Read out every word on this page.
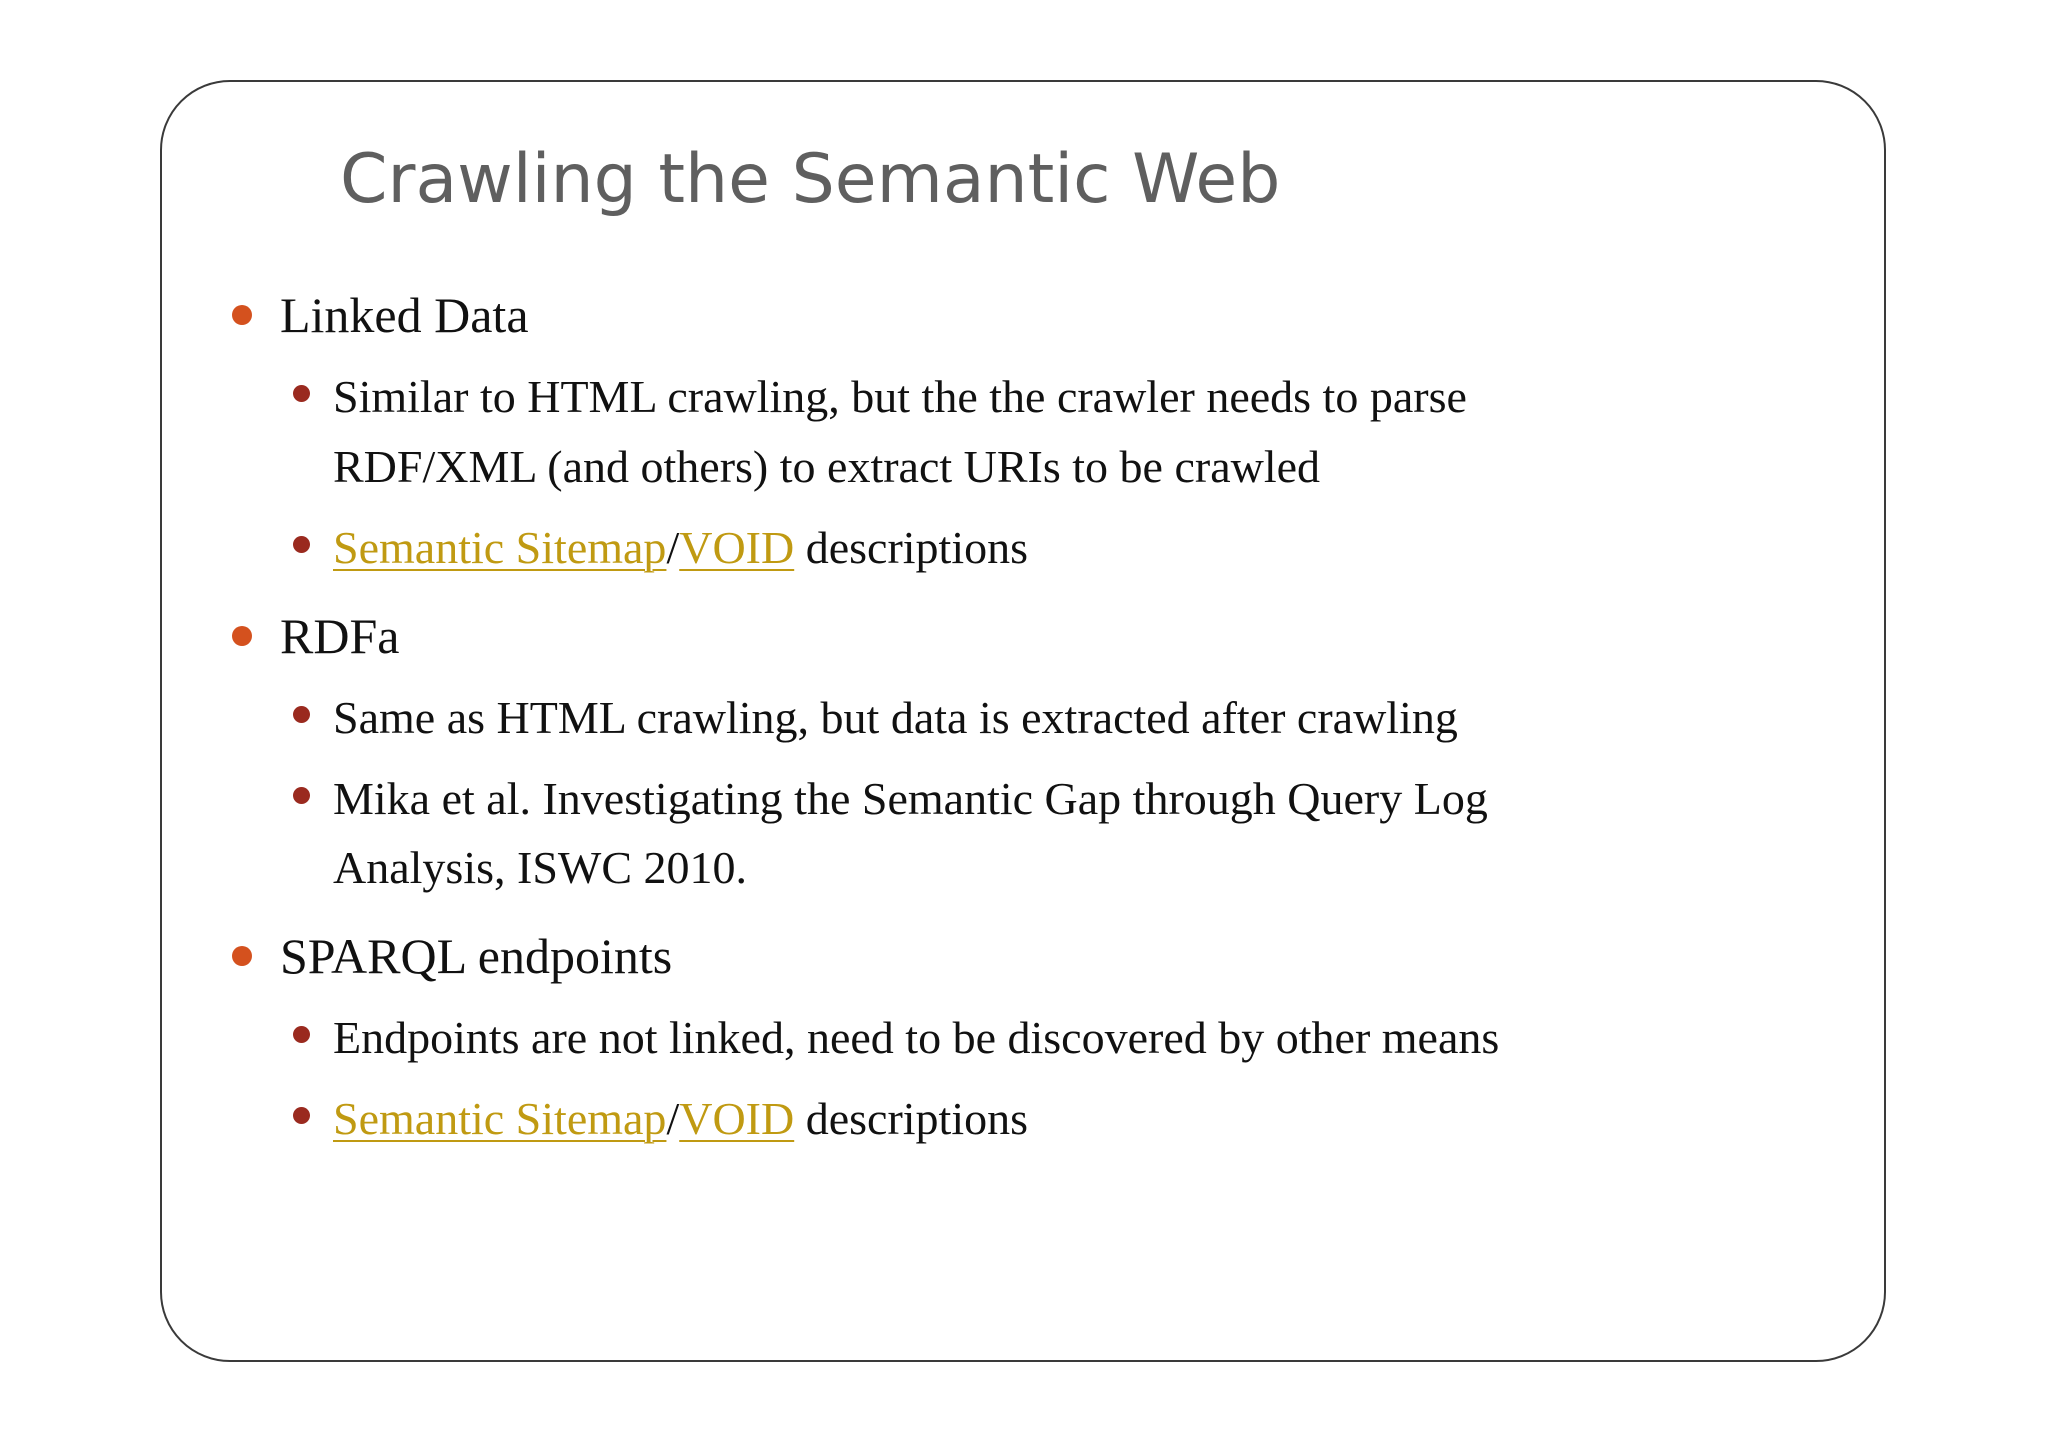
Crawling the Semantic Web
Linked Data
Similar to HTML crawling, but the the crawler needs to parse
RDF/XML (and others) to extract URIs to be crawled
Semantic Sitemap/VOID descriptions
RDFa
Same as HTML crawling, but data is extracted after crawling
Mika et al. Investigating the Semantic Gap through Query Log
Analysis, ISWC 2010.
SPARQL endpoints
Endpoints are not linked, need to be discovered by other means
Semantic Sitemap/VOID descriptions
